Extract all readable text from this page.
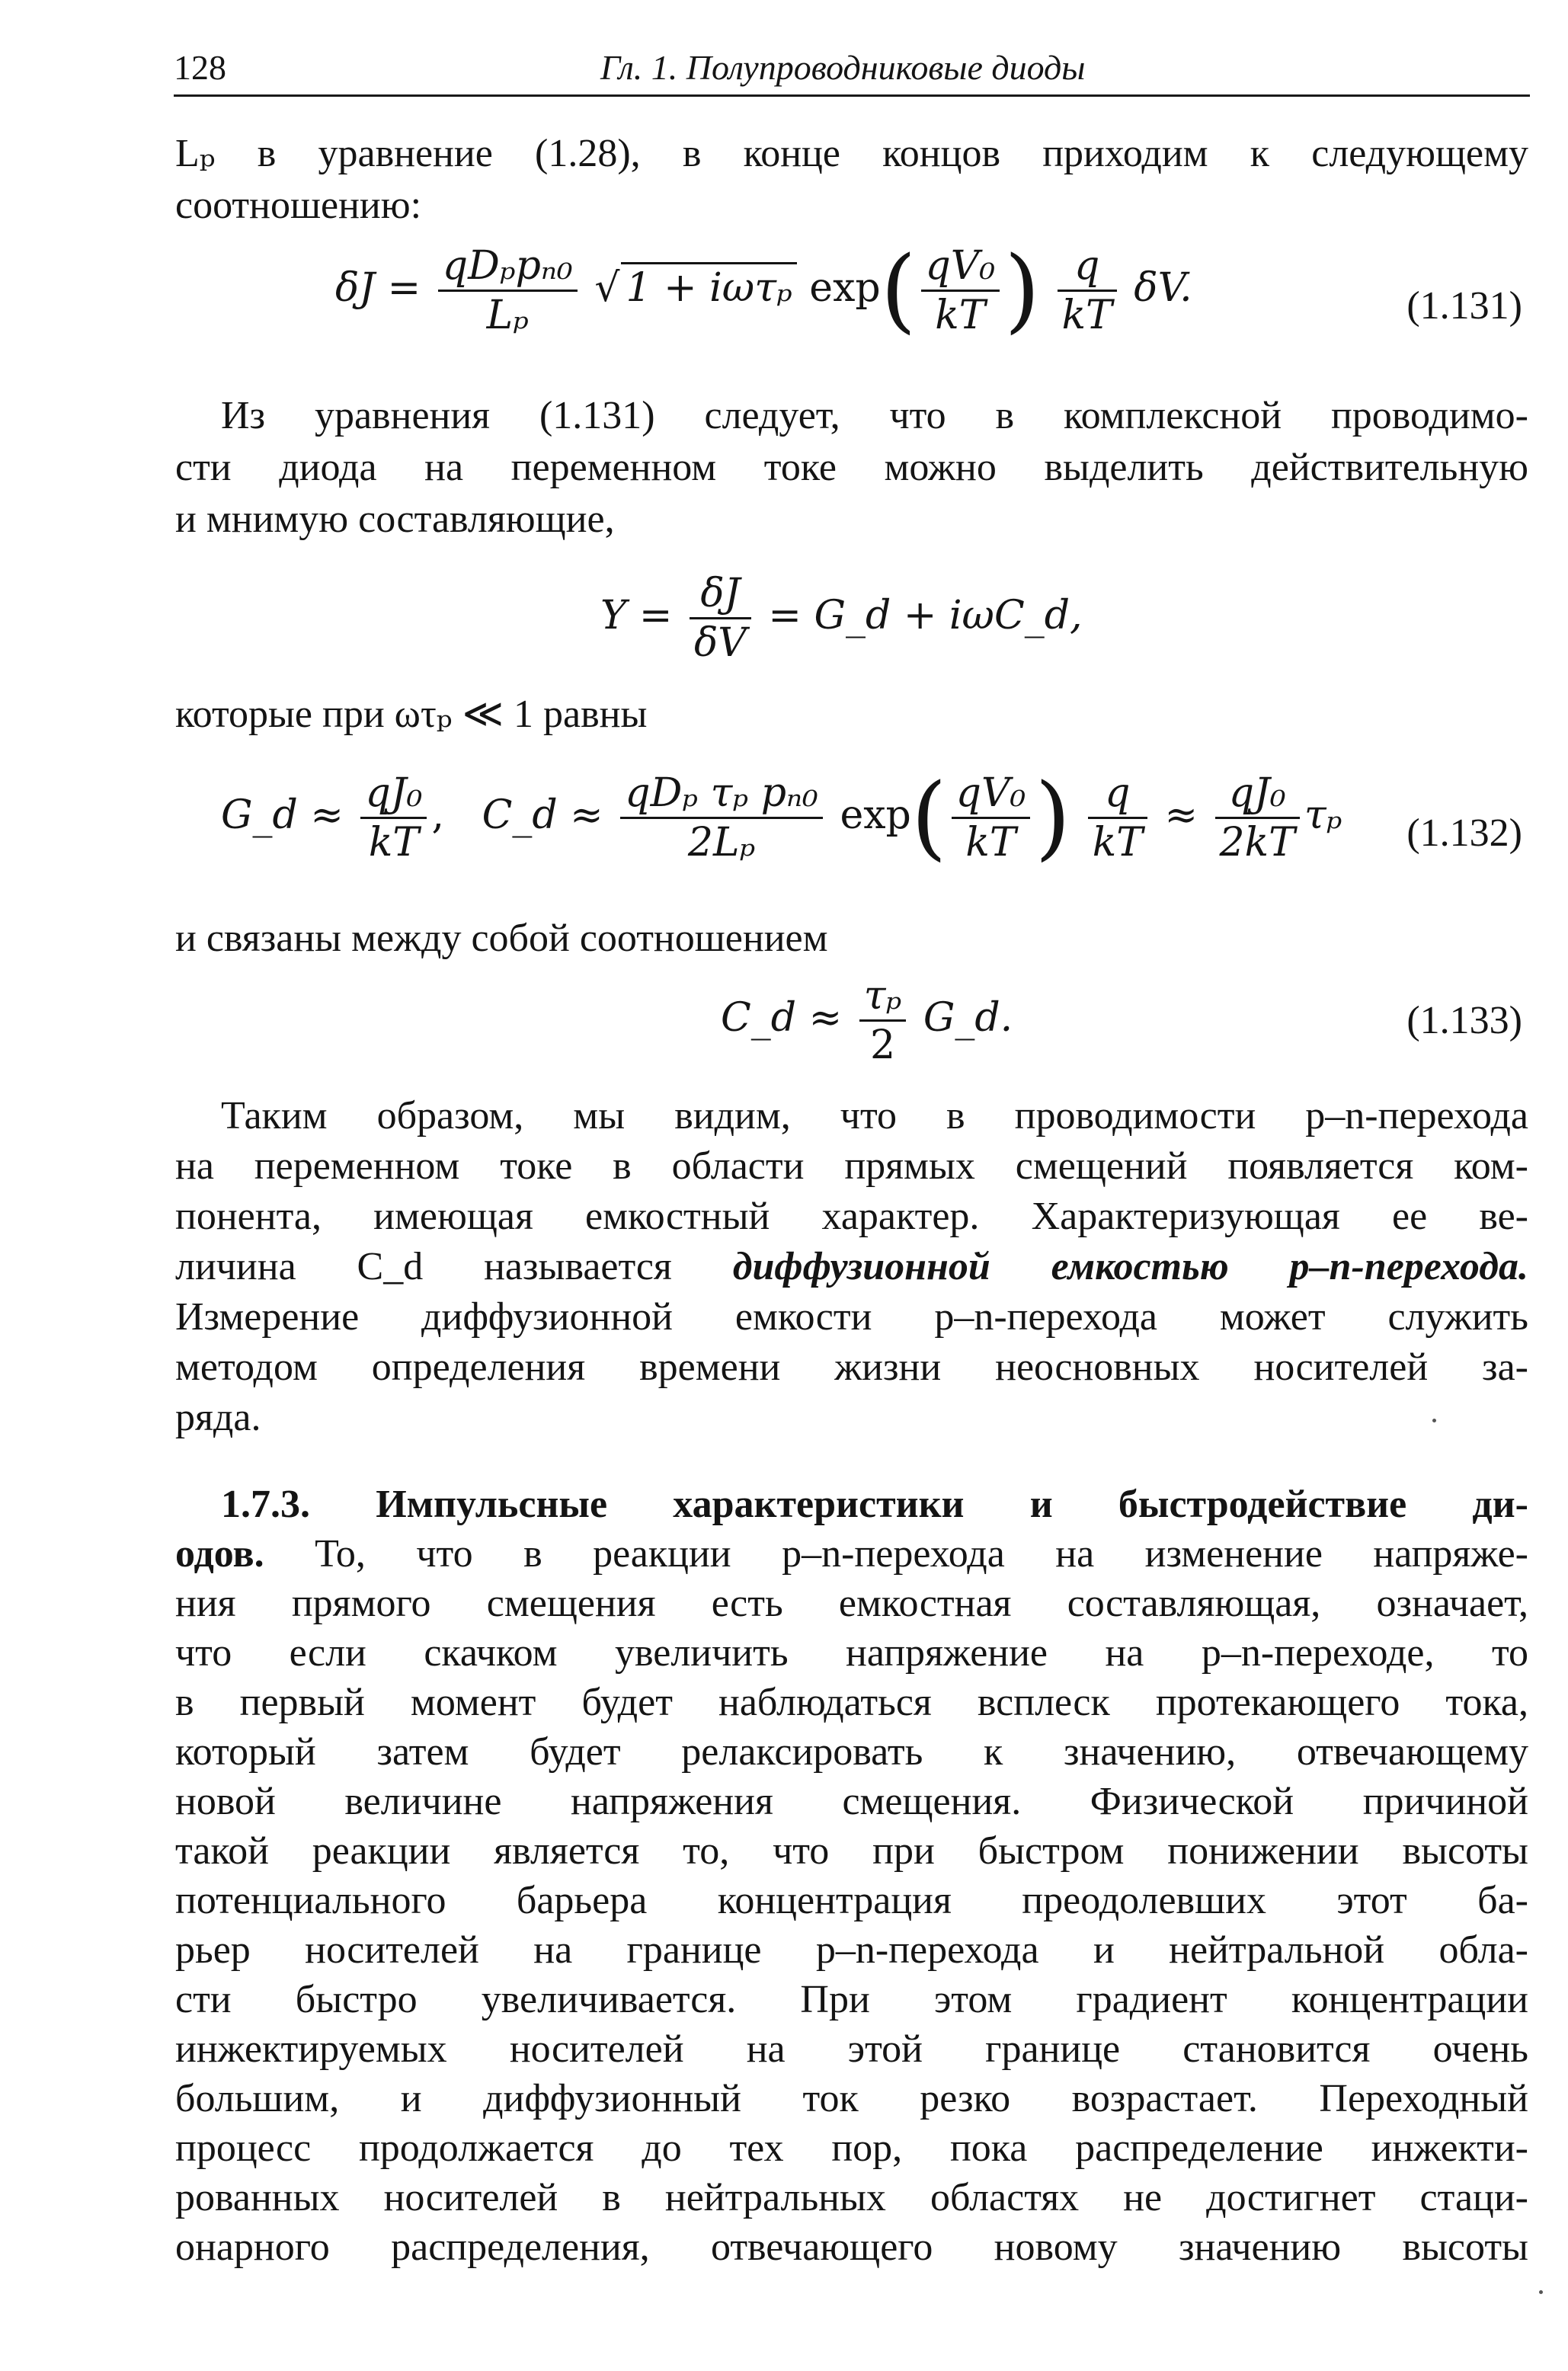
128	Гл. 1. Полупроводниковые диоды
Lₚ в уравнение (1.28), в конце концов приходим к следующему
соотношению:
$\delta J = \frac{\text{qDₚpₙ₀}}{\text{Lₚ}}$ √ 1 + iωτₚ $\exp( \frac{\text{qV₀}}{kT}$ ) $\frac{q}{kT} \delta V$.	(1.131)
Из уравнения (1.131) следует, что в комплексной проводимо-
сти диода на переменном токе можно выделить действительную
и мнимую составляющие,
$Y = \frac{\delta J}{\delta V}$ = G_d + iωC_d,
которые при ωτₚ ≪ 1 равны
G_d ≈ $\frac{\text{qJ₀}}{kT}$ , C_d ≈ $\frac{\text{qDₚ τₚ pₙ₀}}{\text{2Lₚ}} \exp( \frac{\text{qV₀}}{kT}$ ) $\frac{q}{kT} \approx \frac{\text{qJ₀}}{2kT}$ τₚ (1.132)
и связаны между собой соотношением
C_d ≈ $\frac{\text{τₚ}}{2}$ G_d.	(1.133)
Таким образом, мы видим, что в проводимости p–n-перехода
на переменном токе в области прямых смещений появляется ком-
понента, имеющая емкостный характер. Характеризующая ее ве-
личина C_d называется диффузионной емкостью p–n-перехода.
Измерение диффузионной емкости p–n-перехода может служить
методом определения времени жизни неосновных носителей за-
ряда.
1.7.3. Импульсные характеристики и быстродействие ди-
одов. То, что в реакции p–n-перехода на изменение напряже-
ния прямого смещения есть емкостная составляющая, означает,
что если скачком увеличить напряжение на p–n-переходе, то
в первый момент будет наблюдаться всплеск протекающего тока,
который затем будет релаксировать к значению, отвечающему
новой величине напряжения смещения. Физической причиной
такой реакции является то, что при быстром понижении высоты
потенциального барьера концентрация преодолевших этот ба-
рьер носителей на границе p–n-перехода и нейтральной обла-
сти быстро увеличивается. При этом градиент концентрации
инжектируемых носителей на этой границе становится очень
большим, и диффузионный ток резко возрастает. Переходный
процесс продолжается до тех пор, пока распределение инжекти-
рованных носителей в нейтральных областях не достигнет стаци-
онарного распределения, отвечающего новому значению высоты
